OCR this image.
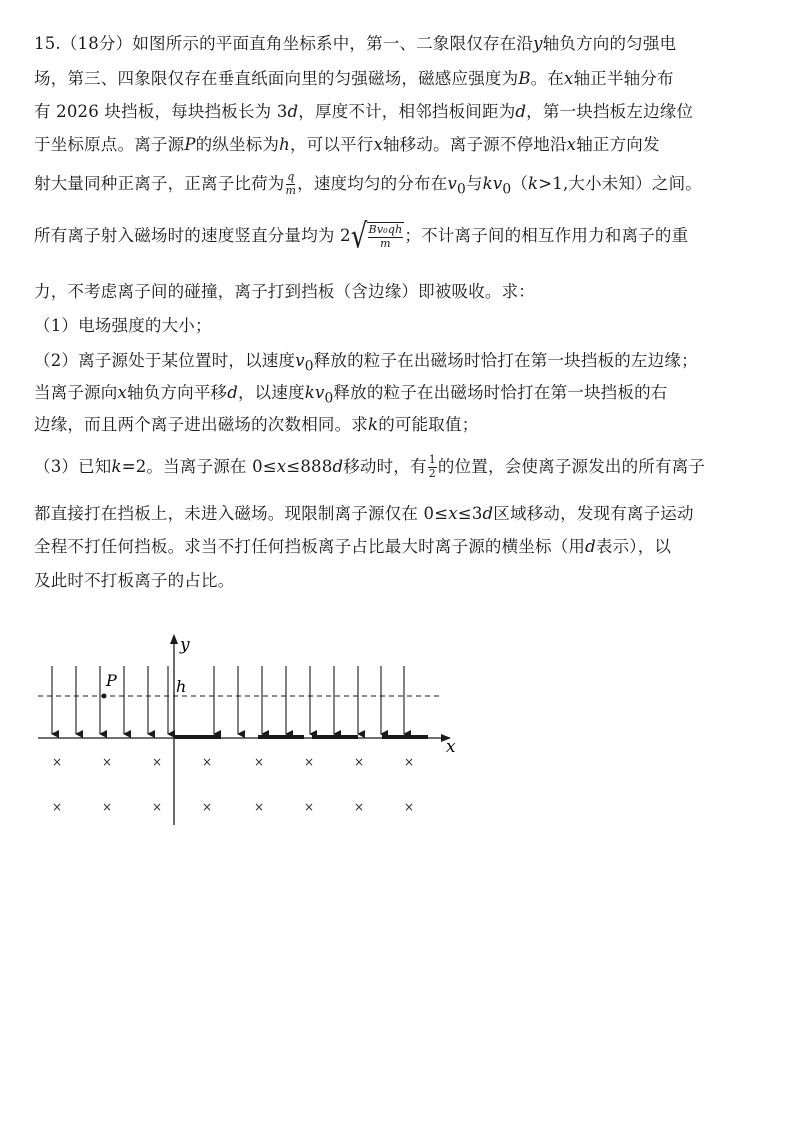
15.（18分）如图所示的平面直角坐标系中，第一、二象限仅存在沿y轴负方向的匀强电
场，第三、四象限仅存在垂直纸面向里的匀强磁场，磁感应强度为B。在x轴正半轴分布
有 2026 块挡板，每块挡板长为 3d，厚度不计，相邻挡板间距为d，第一块挡板左边缘位
于坐标原点。离子源P的纵坐标为h，可以平行x轴移动。离子源不停地沿x轴正方向发
射大量同种正离子，正离子比荷为 $\frac{q}{m}$ ，速度均匀的分布在$v_0$与$kv_0(k>1$,大小未知）之间。
所有离子射入磁场时的速度竖直分量均为 2 √ $\frac{\text{Bv₀qh}}{m}$ ；不计离子间的相互作用力和离子的重
力，不考虑离子间的碰撞，离子打到挡板（含边缘）即被吸收。求：
（1）电场强度的大小；
（2）离子源处于某位置时，以速度$v_0$释放的粒子在出磁场时恰打在第一块挡板的左边缘；
当离子源向x轴负方向平移d，以速度$kv_0$释放的粒子在出磁场时恰打在第一块挡板的右
边缘，而且两个离子进出磁场的次数相同。求k的可能取值；
（3）已知k=2。当离子源在 0≤x≤888d移动时，有 $\frac{1}{2}$ 的位置，会使离子源发出的所有离子
都直接打在挡板上，未进入磁场。现限制离子源仅在 0≤x≤3d区域移动，发现有离子运动
全程不打任何挡板。求当不打任何挡板离子占比最大时离子源的横坐标（用d表示），以
及此时不打板离子的占比。
×	×	×	×	×	×	×	×
×	×	×	×	×	×	×	×
y
x
P	h
